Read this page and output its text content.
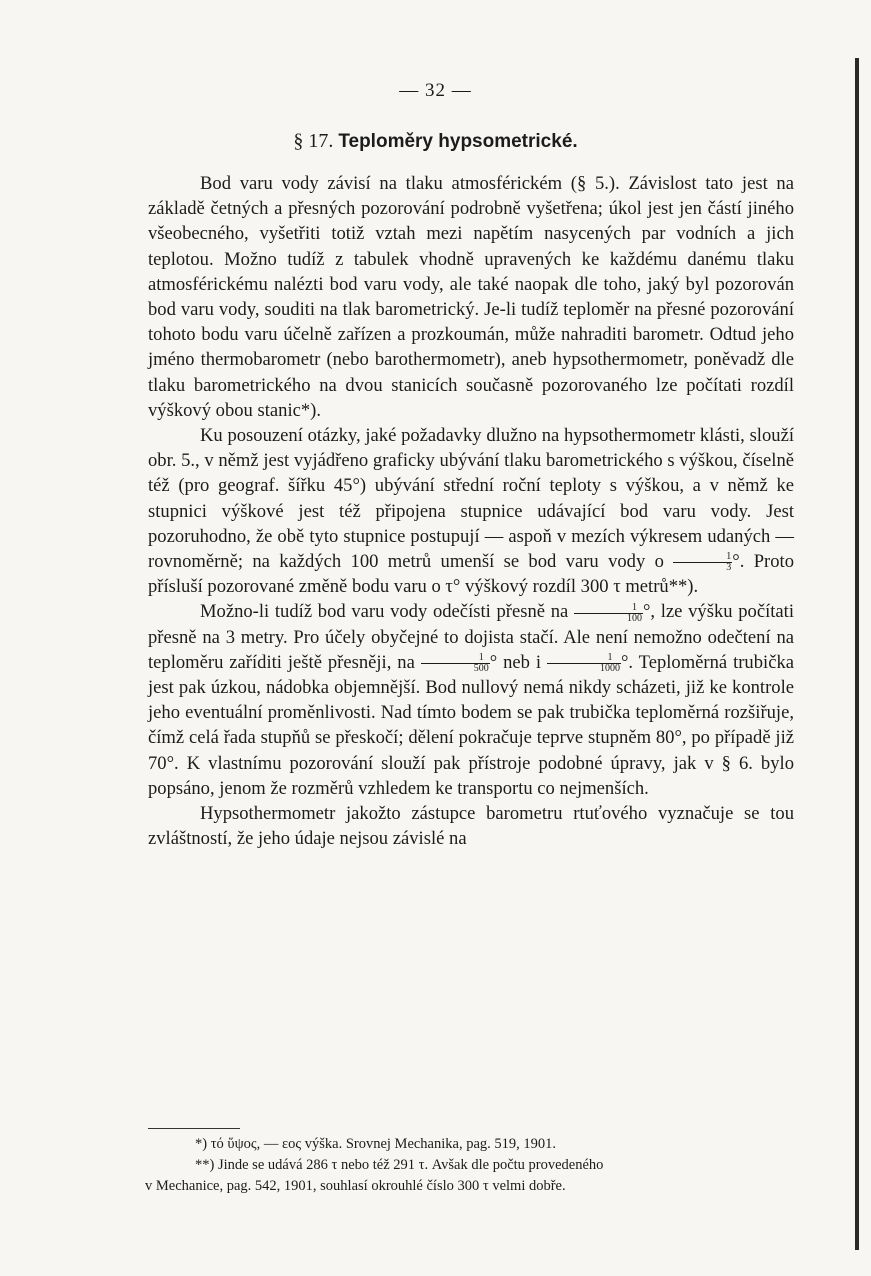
— 32 —
§ 17. Teploměry hypsometrické.

Bod varu vody závisí na tlaku atmosférickém (§ 5.). Závislost tato jest na základě četných a přesných pozorování podrobně vyšetřena; úkol jest jen částí jiného všeobecného, vyšetřiti totiž vztah mezi napětím nasycených par vodních a jich teplotou. Možno tudíž z tabulek vhodně upravených ke každému danému tlaku atmosférickému nalézti bod varu vody, ale také naopak dle toho, jaký byl pozorován bod varu vody, souditi na tlak barometrický. Je-li tudíž teploměr na přesné pozorování tohoto bodu varu účelně zařízen a prozkoumán, může nahraditi barometr. Odtud jeho jméno thermobarometr (nebo barothermometr), aneb hypsothermometr, poněvadž dle tlaku barometrického na dvou stanicích současně pozorovaného lze počítati rozdíl výškový obou stanic*).

Ku posouzení otázky, jaké požadavky dlužno na hypsothermometr klásti, slouží obr. 5., v němž jest vyjádřeno graficky ubývání tlaku barometrického s výškou, číselně též (pro geograf. šířku 45°) ubývání střední roční teploty s výškou, a v němž ke stupnici výškové jest též připojena stupnice udávající bod varu vody. Jest pozoruhodno, že obě tyto stupnice postupují — aspoň v mezích výkresem udaných — rovnoměrně; na každých 100 metrů umenší se bod varu vody o $\frac{1}{3}$ °. Proto přísluší pozorované změně bodu varu o τ° výškový rozdíl 300 τ metrů**).

Možno-li tudíž bod varu vody odečísti přesně na $\frac{1}{100}$ °, lze výšku počítati přesně na 3 metry. Pro účely obyčejné to dojista stačí. Ale není nemožno odečtení na teploměru zaříditi ještě přesněji, na $\frac{1}{500}$ ° neb i $\frac{1}{1000}$ °. Teploměrná trubička jest pak úzkou, nádobka objemnější. Bod nullový nemá nikdy scházeti, již ke kontrole jeho eventuální proměnlivosti. Nad tímto bodem se pak trubička teploměrná rozšiřuje, čímž celá řada stupňů se přeskočí; dělení pokračuje teprve stupněm 80°, po případě již 70°. K vlastnímu pozorování slouží pak přístroje podobné úpravy, jak v § 6. bylo popsáno, jenom že rozměrů vzhledem ke transportu co nejmenších.

Hypsothermometr jakožto zástupce barometru rtuťového vyznačuje se tou zvláštností, že jeho údaje nejsou závislé na

*) τό ὕψος, — εος výška. Srovnej Mechanika, pag. 519, 1901.

**) Jinde se udává 286 τ nebo též 291 τ. Avšak dle počtu provedeného

v Mechanice, pag. 542, 1901, souhlasí okrouhlé číslo 300 τ velmi dobře.
